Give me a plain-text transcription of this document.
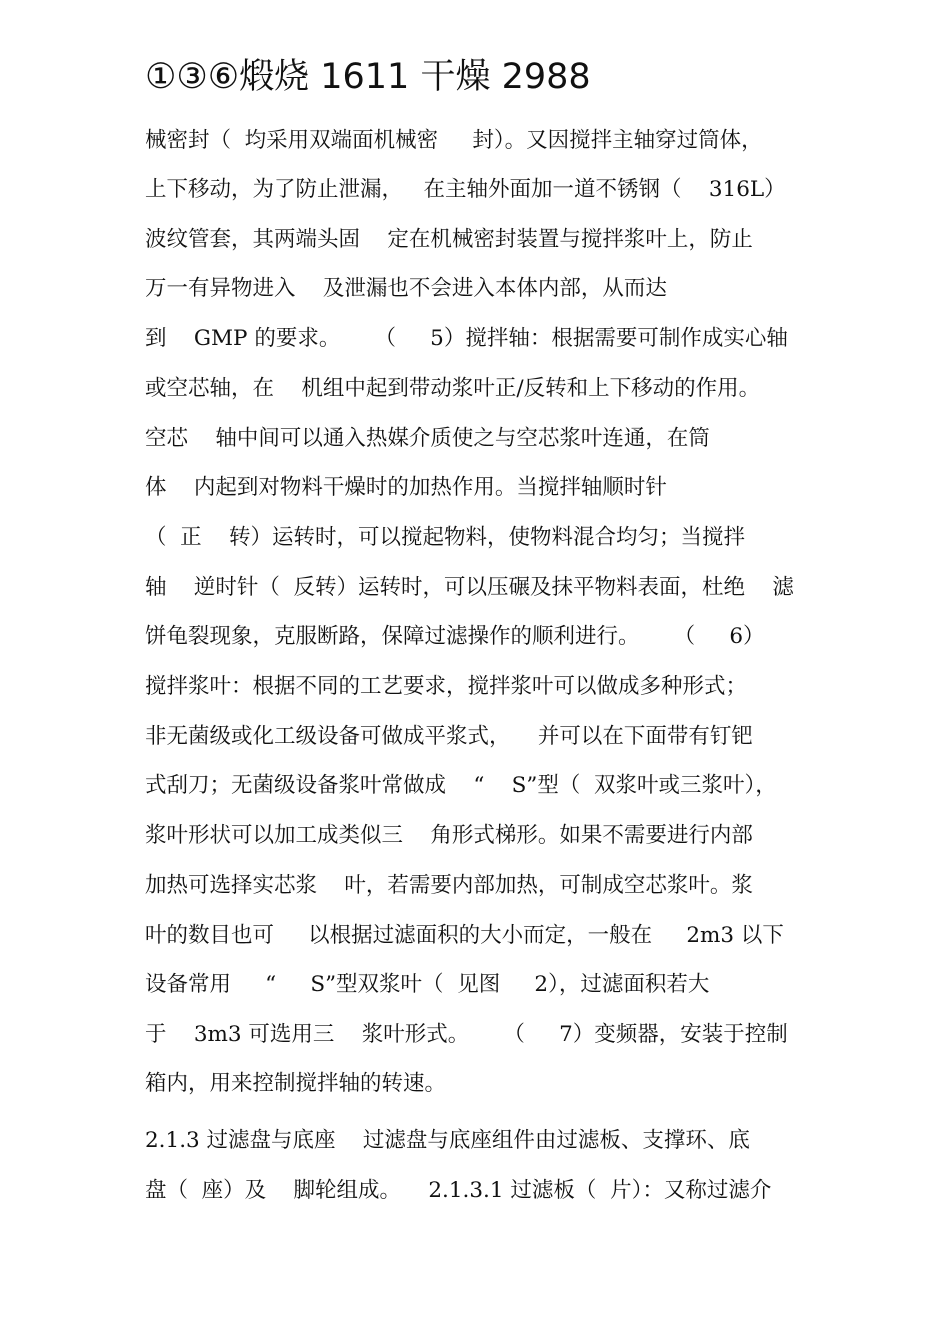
①③⑥煅烧 1611 干燥 2988

械密封（  均采用双端面机械密     封）。又因搅拌主轴穿过筒体，

上下移动，为了防止泄漏，   在主轴外面加一道不锈钢（    316L）

波纹管套，其两端头固    定在机械密封装置与搅拌浆叶上，防止

万一有异物进入    及泄漏也不会进入本体内部，从而达

到    GMP 的要求。     （     5）搅拌轴：根据需要可制作成实心轴

或空芯轴，在    机组中起到带动浆叶正/反转和上下移动的作用。

空芯    轴中间可以通入热媒介质使之与空芯浆叶连通，在筒

体    内起到对物料干燥时的加热作用。当搅拌轴顺时针

（  正    转）运转时，可以搅起物料，使物料混合均匀；当搅拌

轴    逆时针（  反转）运转时，可以压碾及抹平物料表面，杜绝    滤

饼龟裂现象，克服断路，保障过滤操作的顺利进行。     （     6）

搅拌浆叶：根据不同的工艺要求，搅拌浆叶可以做成多种形式；

非无菌级或化工级设备可做成平浆式，    并可以在下面带有钉钯

式刮刀；无菌级设备浆叶常做成    “    S”型（  双浆叶或三浆叶），

浆叶形状可以加工成类似三    角形式梯形。如果不需要进行内部

加热可选择实芯浆    叶，若需要内部加热，可制成空芯浆叶。浆

叶的数目也可     以根据过滤面积的大小而定，一般在     2m3 以下

设备常用     “     S”型双浆叶（  见图     2），过滤面积若大

于    3m3 可选用三    浆叶形式。     （     7）变频器，安装于控制

箱内，用来控制搅拌轴的转速。

2.1.3 过滤盘与底座    过滤盘与底座组件由过滤板、支撑环、底

盘（  座）及    脚轮组成。    2.1.3.1 过滤板（  片）：又称过滤介
